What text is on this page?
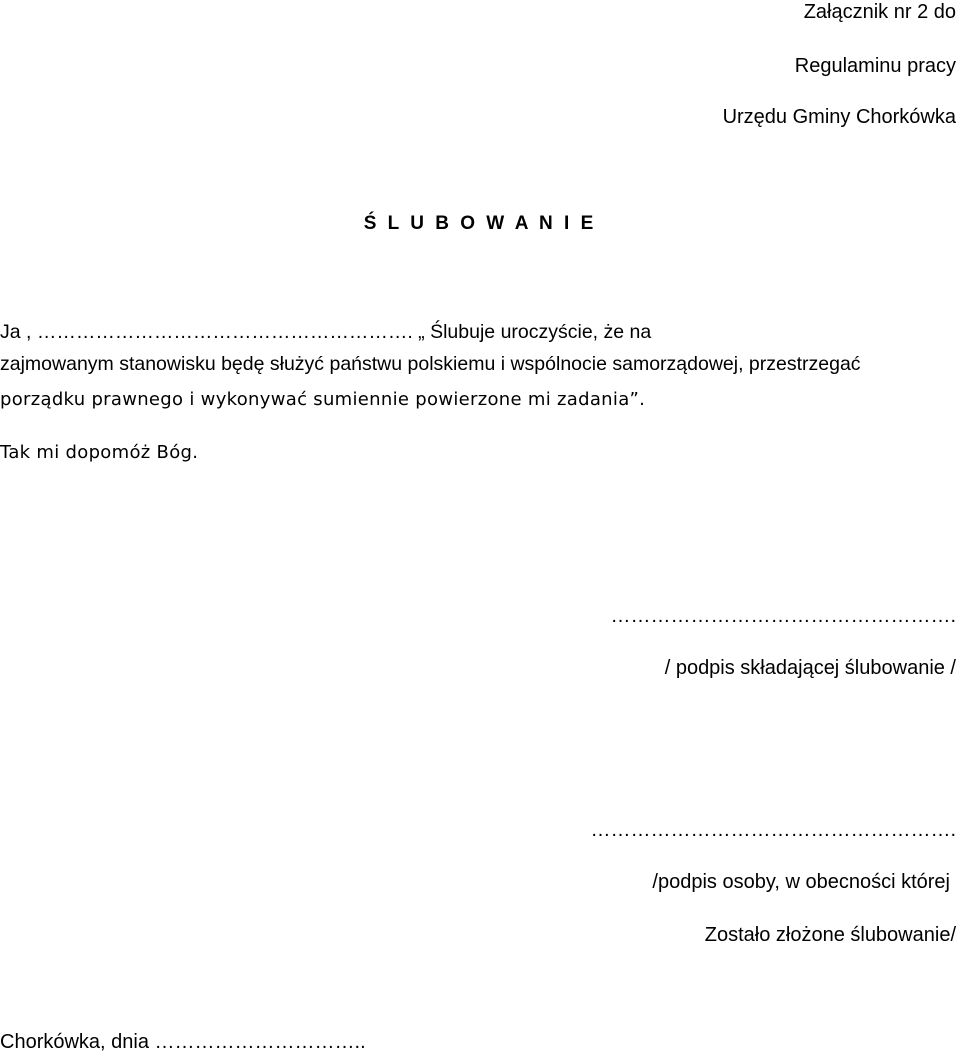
Załącznik nr 2 do
Regulaminu pracy
Urzędu Gminy Chorkówka
Ś L U B O W A N I E
Ja , …………………………………………………. „ Ślubuje uroczyście, że na
zajmowanym stanowisku będę służyć państwu polskiemu i wspólnocie samorządowej, przestrzegać
porządku prawnego i wykonywać sumiennie powierzone mi zadania”.
Tak mi dopomóż Bóg.
…………………………………………….
/ podpis składającej ślubowanie /
……………………………………………….
/podpis osoby, w obecności której
Zostało złożone ślubowanie/
Chorkówka, dnia …………………………..
